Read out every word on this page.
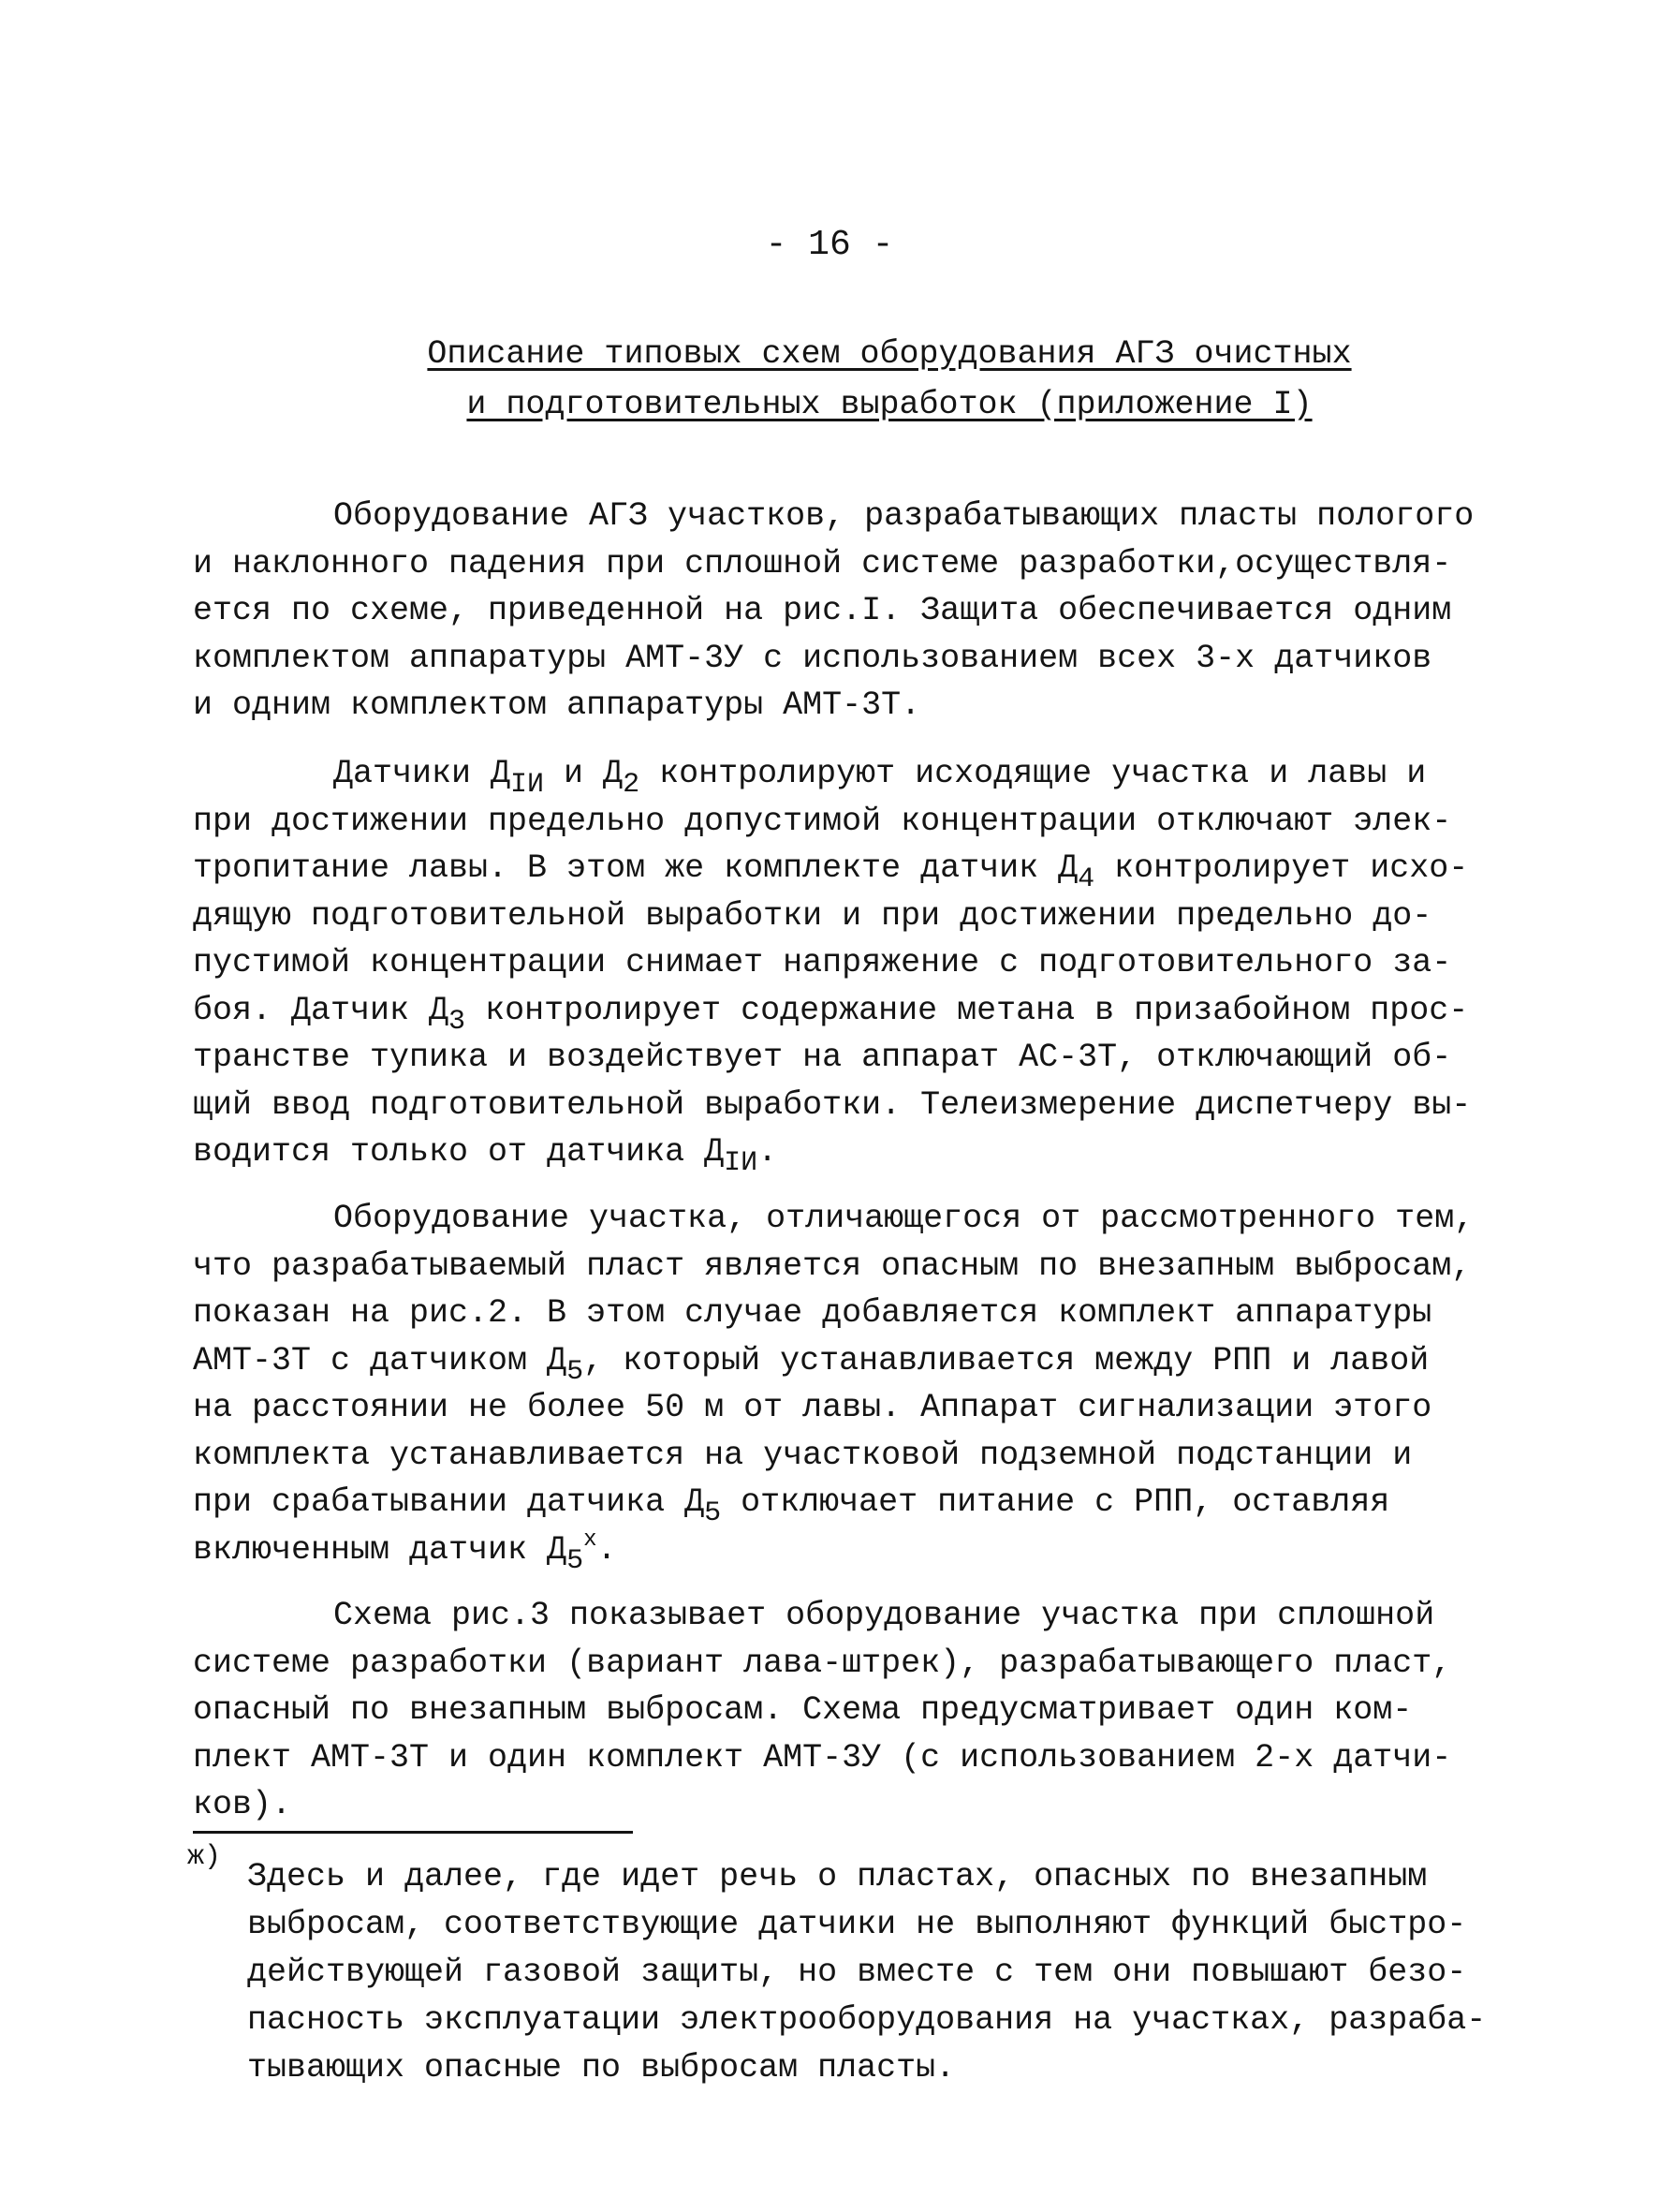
- 16 -
Описание типовых схем оборудования АГЗ очистных
и подготовительных выработок (приложение I)
Оборудование АГЗ участков, разрабатывающих пласты пологого
и наклонного падения при сплошной системе разработки,осуществля-
ется по схеме, приведенной на рис.I. Защита обеспечивается одним
комплектом аппаратуры АМТ-3У с использованием всех 3-х датчиков
и одним комплектом аппаратуры АМТ-3Т.
Датчики $Д_{IИ}$ и $Д_2$ контролируют исходящие участка и лавы и
при достижении предельно допустимой концентрации отключают элек-
тропитание лавы. В этом же комплекте датчик $Д_4$ контролирует исхо-
дящую подготовительной выработки и при достижении предельно до-
пустимой концентрации снимает напряжение с подготовительного за-
боя. Датчик $Д_3$ контролирует содержание метана в призабойном прос-
транстве тупика и воздействует на аппарат АС-3Т, отключающий об-
щий ввод подготовительной выработки. Телеизмерение диспетчеру вы-
водится только от датчика $Д_{IИ}$.
Оборудование участка, отличающегося от рассмотренного тем,
что разрабатываемый пласт является опасным по внезапным выбросам,
показан на рис.2. В этом случае добавляется комплект аппаратуры
АМТ-3Т с датчиком $Д_5$, который устанавливается между РПП и лавой
на расстоянии не более 50 м от лавы. Аппарат сигнализации этого
комплекта устанавливается на участковой подземной подстанции и
при срабатывании датчика $Д_5$ отключает питание с РПП, оставляя
включенным датчик $Д_5^х$.
Схема рис.3 показывает оборудование участка при сплошной
системе разработки (вариант лава-штрек), разрабатывающего пласт,
опасный по внезапным выбросам. Схема предусматривает один ком-
плект АМТ-3Т и один комплект АМТ-3У (с использованием 2-х датчи-
ков).
ж)
Здесь и далее, где идет речь о пластах, опасных по внезапным
выбросам, соответствующие датчики не выполняют функций быстро-
действующей газовой защиты, но вместе с тем они повышают безо-
пасность эксплуатации электрооборудования на участках, разраба-
тывающих опасные по выбросам пласты.
